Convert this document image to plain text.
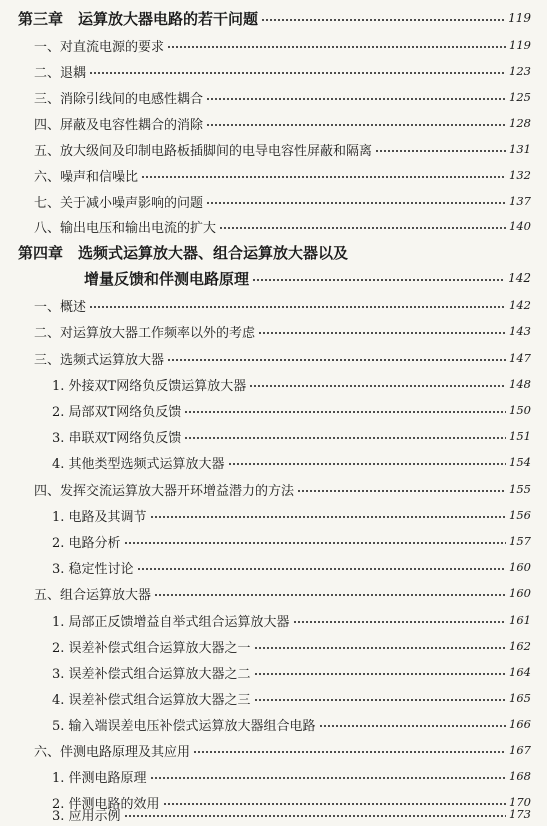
第三章　运算放大器电路的若干问题	119
一、对直流电源的要求	119
二、退耦	123
三、消除引线间的电感性耦合	125
四、屏蔽及电容性耦合的消除	128
五、放大级间及印制电路板插脚间的电导电容性屏蔽和隔离	131
六、噪声和信噪比	132
七、关于减小噪声影响的问题	137
八、输出电压和输出电流的扩大	140
第四章　选频式运算放大器、组合运算放大器以及
增量反馈和伴测电路原理	142
一、概述	142
二、对运算放大器工作频率以外的考虑	143
三、选频式运算放大器	147
1. 外接双T网络负反馈运算放大器	148
2. 局部双T网络负反馈	150
3. 串联双T网络负反馈	151
4. 其他类型选频式运算放大器	154
四、发挥交流运算放大器开环增益潜力的方法	155
1. 电路及其调节	156
2. 电路分析	157
3. 稳定性讨论	160
五、组合运算放大器	160
1. 局部正反馈增益自举式组合运算放大器	161
2. 误差补偿式组合运算放大器之一	162
3. 误差补偿式组合运算放大器之二	164
4. 误差补偿式组合运算放大器之三	165
5. 输入端误差电压补偿式运算放大器组合电路	166
六、伴测电路原理及其应用	167
1. 伴测电路原理	168
2. 伴测电路的效用	170
3. 应用示例	173
